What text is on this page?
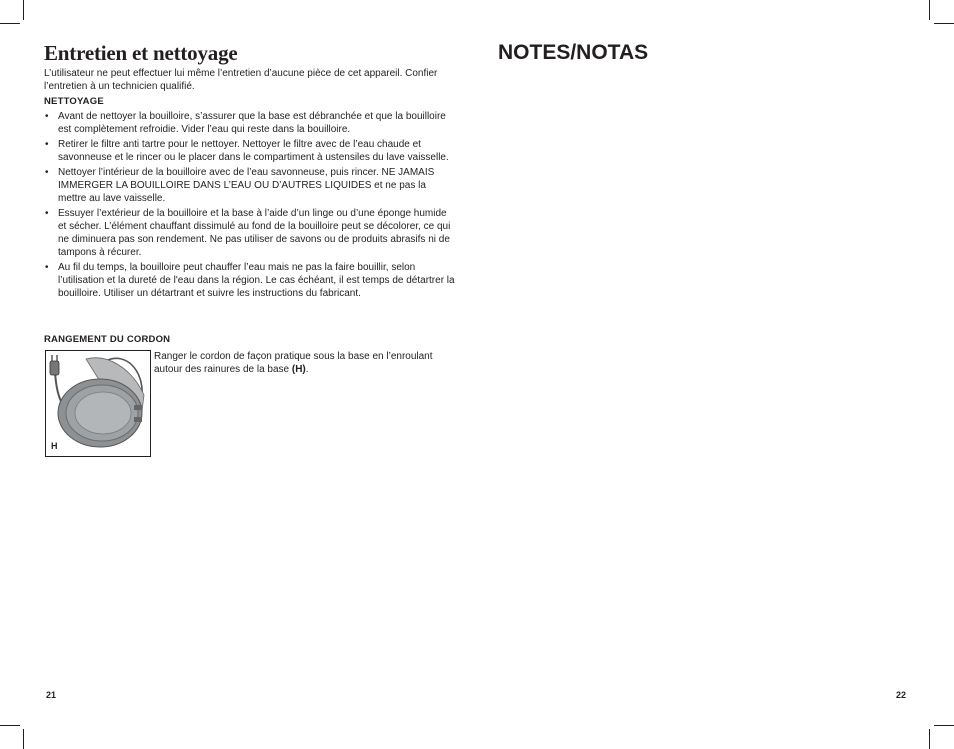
Entretien et nettoyage

L’utilisateur ne peut effectuer lui même l’entretien d’aucune pièce de cet appareil. Confier l’entretien à un technicien qualifié.

NETTOYAGE

• Avant de nettoyer la bouilloire, s’assurer que la base est débranchée et que la bouilloire est complètement refroidie. Vider l’eau qui reste dans la bouilloire.
• Retirer le filtre anti tartre pour le nettoyer. Nettoyer le filtre avec de l’eau chaude et savonneuse et le rincer ou le placer dans le compartiment à ustensiles du lave vaisselle.
• Nettoyer l’intérieur de la bouilloire avec de l’eau savonneuse, puis rincer. NE JAMAIS IMMERGER LA BOUILLOIRE DANS L’EAU OU D’AUTRES LIQUIDES et ne pas la mettre au lave vaisselle.
• Essuyer l’extérieur de la bouilloire et la base à l’aide d’un linge ou d’une éponge humide et sécher. L’élément chauffant dissimulé au fond de la bouilloire peut se décolorer, ce qui ne diminuera pas son rendement. Ne pas utiliser de savons ou de produits abrasifs ni de tampons à récurer.
• Au fil du temps, la bouilloire peut chauffer l’eau mais ne pas la faire bouillir, selon l’utilisation et la dureté de l'eau dans la région. Le cas échéant, il est temps de détartrer la bouilloire. Utiliser un détartrant et suivre les instructions du fabricant.

RANGEMENT DU CORDON

H

Ranger le cordon de façon pratique sous la base en l’enroulant autour des rainures de la base (H).

21
NOTES/NOTAS
22
